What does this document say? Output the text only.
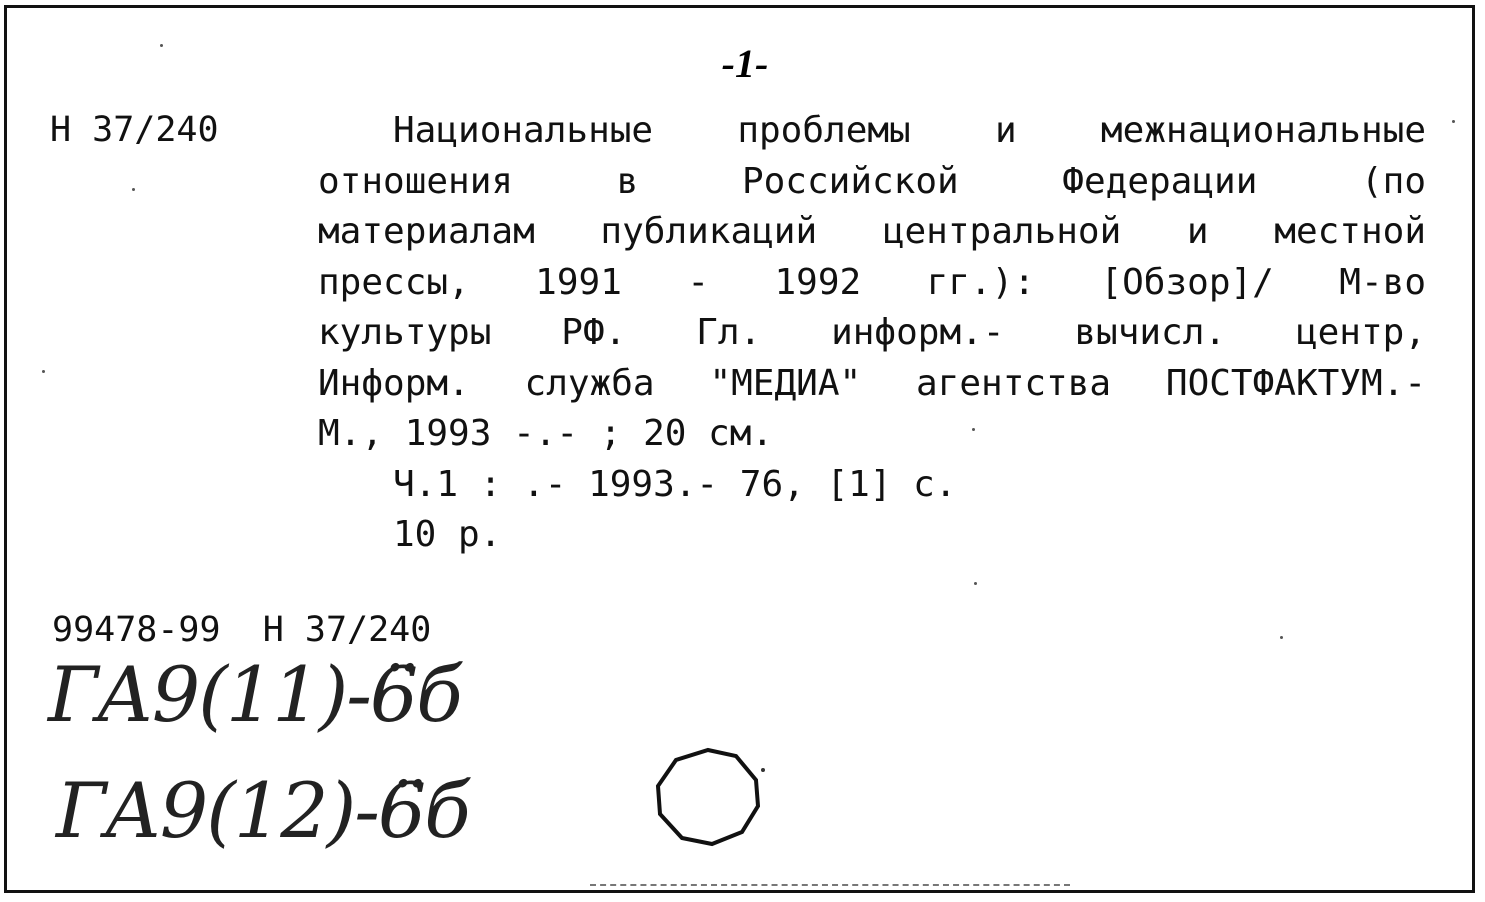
-1-
Н 37/240	Национальные проблемы и межнациональные
отношения в Российской Федерации (по
материалам публикаций центральной и местной
прессы, 1991 - 1992 гг.): [Обзор]/ М-во
культуры РФ. Гл. информ.- вычисл. центр,
Информ. служба "МЕДИА" агентства ПОСТФАКТУМ.-
М., 1993 -.- ; 20 см.
Ч.1 : .- 1993.- 76, [1] с.
10 р.
99478-99 Н 37/240
ГА9(11)-6̈б
ГА9(12)-6̈б
